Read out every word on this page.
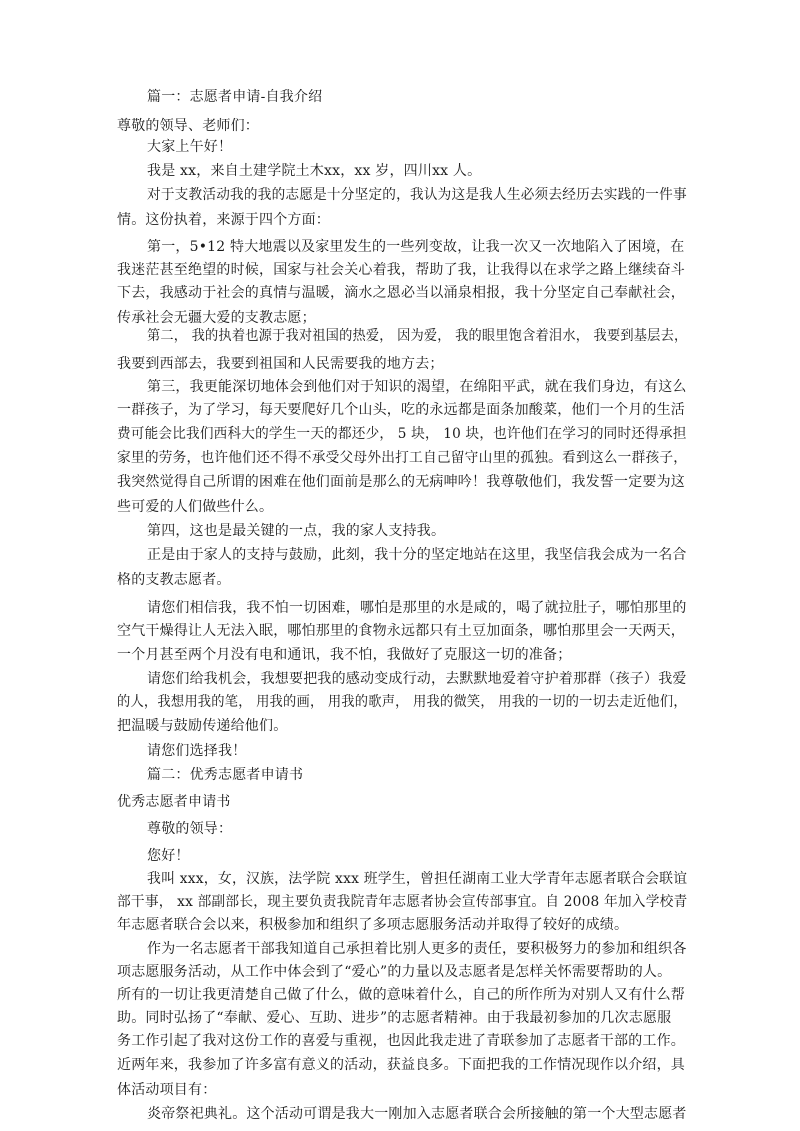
篇一：志愿者申请-自我介绍
尊敬的领导、老师们：
大家上午好！
我是 xx，来自土建学院土木xx，xx 岁，四川xx 人。
对于支教活动我的我的志愿是十分坚定的，我认为这是我人生必须去经历去实践的一件事
情。这份执着，来源于四个方面：
第一，5•12 特大地震以及家里发生的一些列变故，让我一次又一次地陷入了困境，在
我迷茫甚至绝望的时候，国家与社会关心着我，帮助了我，让我得以在求学之路上继续奋斗
下去，我感动于社会的真情与温暖，滴水之恩必当以涌泉相报，我十分坚定自己奉献社会，
传承社会无疆大爱的支教志愿；
第二， 我的执着也源于我对祖国的热爱， 因为爱， 我的眼里饱含着泪水， 我要到基层去，
我要到西部去，我要到祖国和人民需要我的地方去；
第三，我更能深切地体会到他们对于知识的渴望，在绵阳平武，就在我们身边，有这么
一群孩子，为了学习，每天要爬好几个山头，吃的永远都是面条加酸菜，他们一个月的生活
费可能会比我们西科大的学生一天的都还少， 5 块， 10 块，也许他们在学习的同时还得承担
家里的劳务，也许他们还不得不承受父母外出打工自己留守山里的孤独。看到这么一群孩子，
我突然觉得自己所谓的困难在他们面前是那么的无病呻吟！我尊敬他们，我发誓一定要为这
些可爱的人们做些什么。
第四，这也是最关键的一点，我的家人支持我。
正是由于家人的支持与鼓励，此刻，我十分的坚定地站在这里，我坚信我会成为一名合
格的支教志愿者。
请您们相信我，我不怕一切困难，哪怕是那里的水是咸的，喝了就拉肚子，哪怕那里的
空气干燥得让人无法入眠，哪怕那里的食物永远都只有土豆加面条，哪怕那里会一天两天，
一个月甚至两个月没有电和通讯，我不怕，我做好了克服这一切的准备；
请您们给我机会，我想要把我的感动变成行动，去默默地爱着守护着那群（孩子）我爱
的人，我想用我的笔， 用我的画， 用我的歌声， 用我的微笑， 用我的一切的一切去走近他们，
把温暖与鼓励传递给他们。
请您们选择我！
篇二：优秀志愿者申请书
优秀志愿者申请书
尊敬的领导：
您好！
我叫 xxx，女，汉族，法学院 xxx 班学生，曾担任湖南工业大学青年志愿者联合会联谊
部干事， xx 部副部长，现主要负责我院青年志愿者协会宣传部事宜。自 2008 年加入学校青
年志愿者联合会以来，积极参加和组织了多项志愿服务活动并取得了较好的成绩。
作为一名志愿者干部我知道自己承担着比别人更多的责任，要积极努力的参加和组织各
项志愿服务活动，从工作中体会到了“爱心”的力量以及志愿者是怎样关怀需要帮助的人。
所有的一切让我更清楚自己做了什么，做的意味着什么，自己的所作所为对别人又有什么帮
助。同时弘扬了“奉献、爱心、互助、进步”的志愿者精神。由于我最初参加的几次志愿服
务工作引起了我对这份工作的喜爱与重视，也因此我走进了青联参加了志愿者干部的工作。
近两年来，我参加了许多富有意义的活动，获益良多。下面把我的工作情况现作以介绍，具
体活动项目有：
炎帝祭祀典礼。这个活动可谓是我大一刚加入志愿者联合会所接触的第一个大型志愿者
